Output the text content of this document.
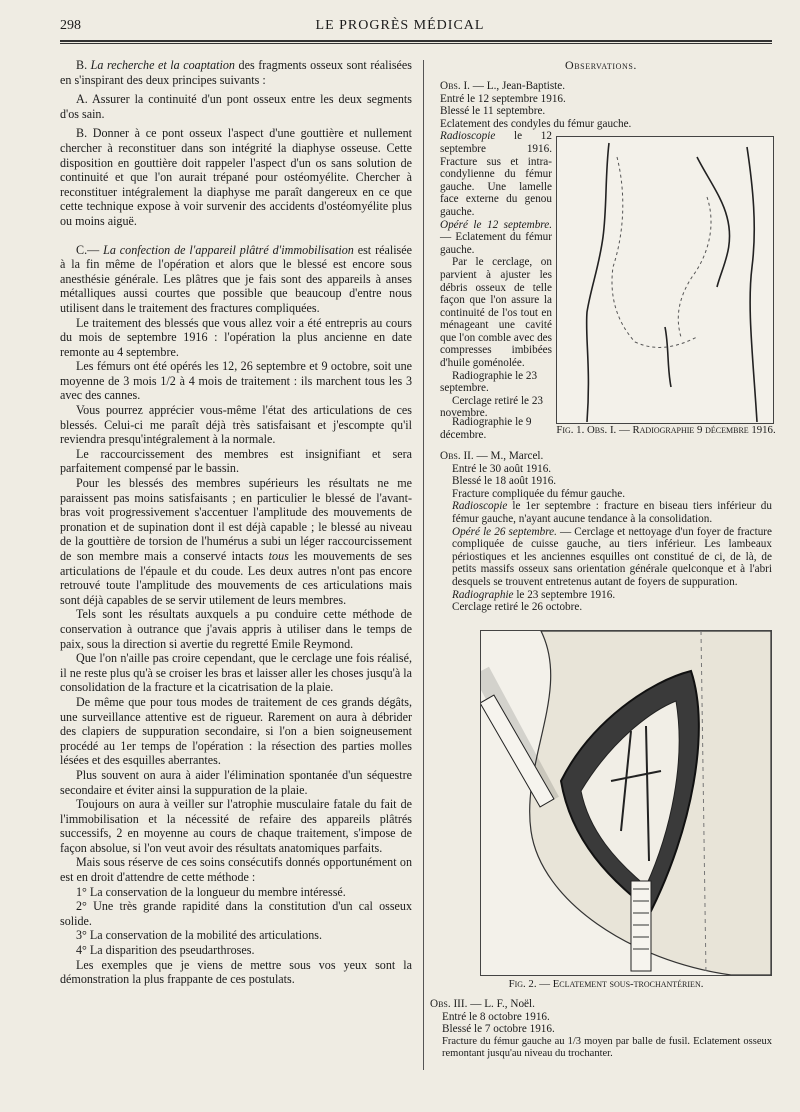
298	LE PROGRÈS MÉDICAL

B. La recherche et la coaptation des fragments osseux sont réalisées en s'inspirant des deux principes suivants :

A. Assurer la continuité d'un pont osseux entre les deux segments d'os sain.

B. Donner à ce pont osseux l'aspect d'une gouttière et nullement chercher à reconstituer dans son intégrité la diaphyse osseuse. Cette disposition en gouttière doit rappeler l'aspect d'un os sans solution de continuité et que l'on aurait trépané pour ostéomyélite. Chercher à reconstituer intégralement la diaphyse me paraît dangereux en ce que cette technique expose à voir survenir des accidents d'ostéomyélite plus ou moins aiguë.

C.— La confection de l'appareil plâtré d'immobilisation est réalisée à la fin même de l'opération et alors que le blessé est encore sous anesthésie générale. Les plâtres que je fais sont des appareils à anses métalliques aussi courtes que possible que beaucoup d'entre nous utilisent dans le traitement des fractures compliquées.

Le traitement des blessés que vous allez voir a été entrepris au cours du mois de septembre 1916 : l'opération la plus ancienne en date remonte au 4 septembre.

Les fémurs ont été opérés les 12, 26 septembre et 9 octobre, soit une moyenne de 3 mois 1/2 à 4 mois de traitement : ils marchent tous les 3 avec des cannes.

Vous pourrez apprécier vous-même l'état des articulations de ces blessés. Celui-ci me paraît déjà très satisfaisant et j'escompte qu'il reviendra presqu'intégralement à la normale.

Le raccourcissement des membres est insignifiant et sera parfaitement compensé par le bassin.

Pour les blessés des membres supérieurs les résultats ne me paraissent pas moins satisfaisants ; en particulier le blessé de l'avant-bras voit progressivement s'accentuer l'amplitude des mouvements de pronation et de supination dont il est déjà capable ; le blessé au niveau de la gouttière de torsion de l'humérus a subi un léger raccourcissement de son membre mais a conservé intacts tous les mouvements de ses articulations de l'épaule et du coude. Les deux autres n'ont pas encore retrouvé toute l'amplitude des mouvements de ces articulations mais sont déjà capables de se servir utilement de leurs membres.

Tels sont les résultats auxquels a pu conduire cette méthode de conservation à outrance que j'avais appris à utiliser dans le temps de paix, sous la direction si avertie du regretté Emile Reymond.

Que l'on n'aille pas croire cependant, que le cerclage une fois réalisé, il ne reste plus qu'à se croiser les bras et laisser aller les choses jusqu'à la consolidation de la fracture et la cicatrisation de la plaie.

De même que pour tous modes de traitement de ces grands dégâts, une surveillance attentive est de rigueur. Rarement on aura à débrider des clapiers de suppuration secondaire, si l'on a bien soigneusement procédé au 1er temps de l'opération : la résection des parties molles lésées et des esquilles aberrantes.

Plus souvent on aura à aider l'élimination spontanée d'un séquestre secondaire et éviter ainsi la suppuration de la plaie.

Toujours on aura à veiller sur l'atrophie musculaire fatale du fait de l'immobilisation et la nécessité de refaire des appareils plâtrés successifs, 2 en moyenne au cours de chaque traitement, s'impose de façon absolue, si l'on veut avoir des résultats anatomiques parfaits.

Mais sous réserve de ces soins consécutifs donnés opportunément on est en droit d'attendre de cette méthode :

1° La conservation de la longueur du membre intéressé.

2° Une très grande rapidité dans la constitution d'un cal osseux solide.

3° La conservation de la mobilité des articulations.

4° La disparition des pseudarthroses.

Les exemples que je viens de mettre sous vos yeux sont la démonstration la plus frappante de ces postulats.

Observations.
Obs. I. — L., Jean-Baptiste.
Entré le 12 septembre 1916.
Blessé le 11 septembre.
Eclatement des condyles du fémur gauche.
Radioscopie le 12 septembre 1916. Fracture sus et intra-condylienne du fémur gauche. Une lamelle face externe du genou gauche.
Opéré le 12 septembre. — Eclatement du fémur gauche.
Par le cerclage, on parvient à ajuster les débris osseux de telle façon que l'on assure la continuité de l'os tout en ménageant une cavité que l'on comble avec des compresses imbibées d'huile goménolée.
Radiographie le 23 septembre.
Cerclage retiré le 23 novembre.
Radiographie le 9 décembre.	Fig. 1. Obs. I. — Radiographie 9 décembre 1916.
Obs. II. — M., Marcel.
Entré le 30 août 1916.
Blessé le 18 août 1916.
Fracture compliquée du fémur gauche.
Radioscopie le 1er septembre : fracture en biseau tiers inférieur du fémur gauche, n'ayant aucune tendance à la consolidation.
Opéré le 26 septembre. — Cerclage et nettoyage d'un foyer de fracture compliquée de cuisse gauche, au tiers inférieur. Les lambeaux périostiques et les anciennes esquilles ont constitué de ci, de là, de petits massifs osseux sans orientation générale quelconque et à l'abri desquels se trouvent entretenus autant de foyers de suppuration.
Radiographie le 23 septembre 1916.
Cerclage retiré le 26 octobre.
Fig. 2. — Eclatement sous-trochantérien.
Obs. III. — L. F., Noël.
Entré le 8 octobre 1916.
Blessé le 7 octobre 1916.
Fracture du fémur gauche au 1/3 moyen par balle de fusil. Eclatement osseux remontant jusqu'au niveau du trochanter.
